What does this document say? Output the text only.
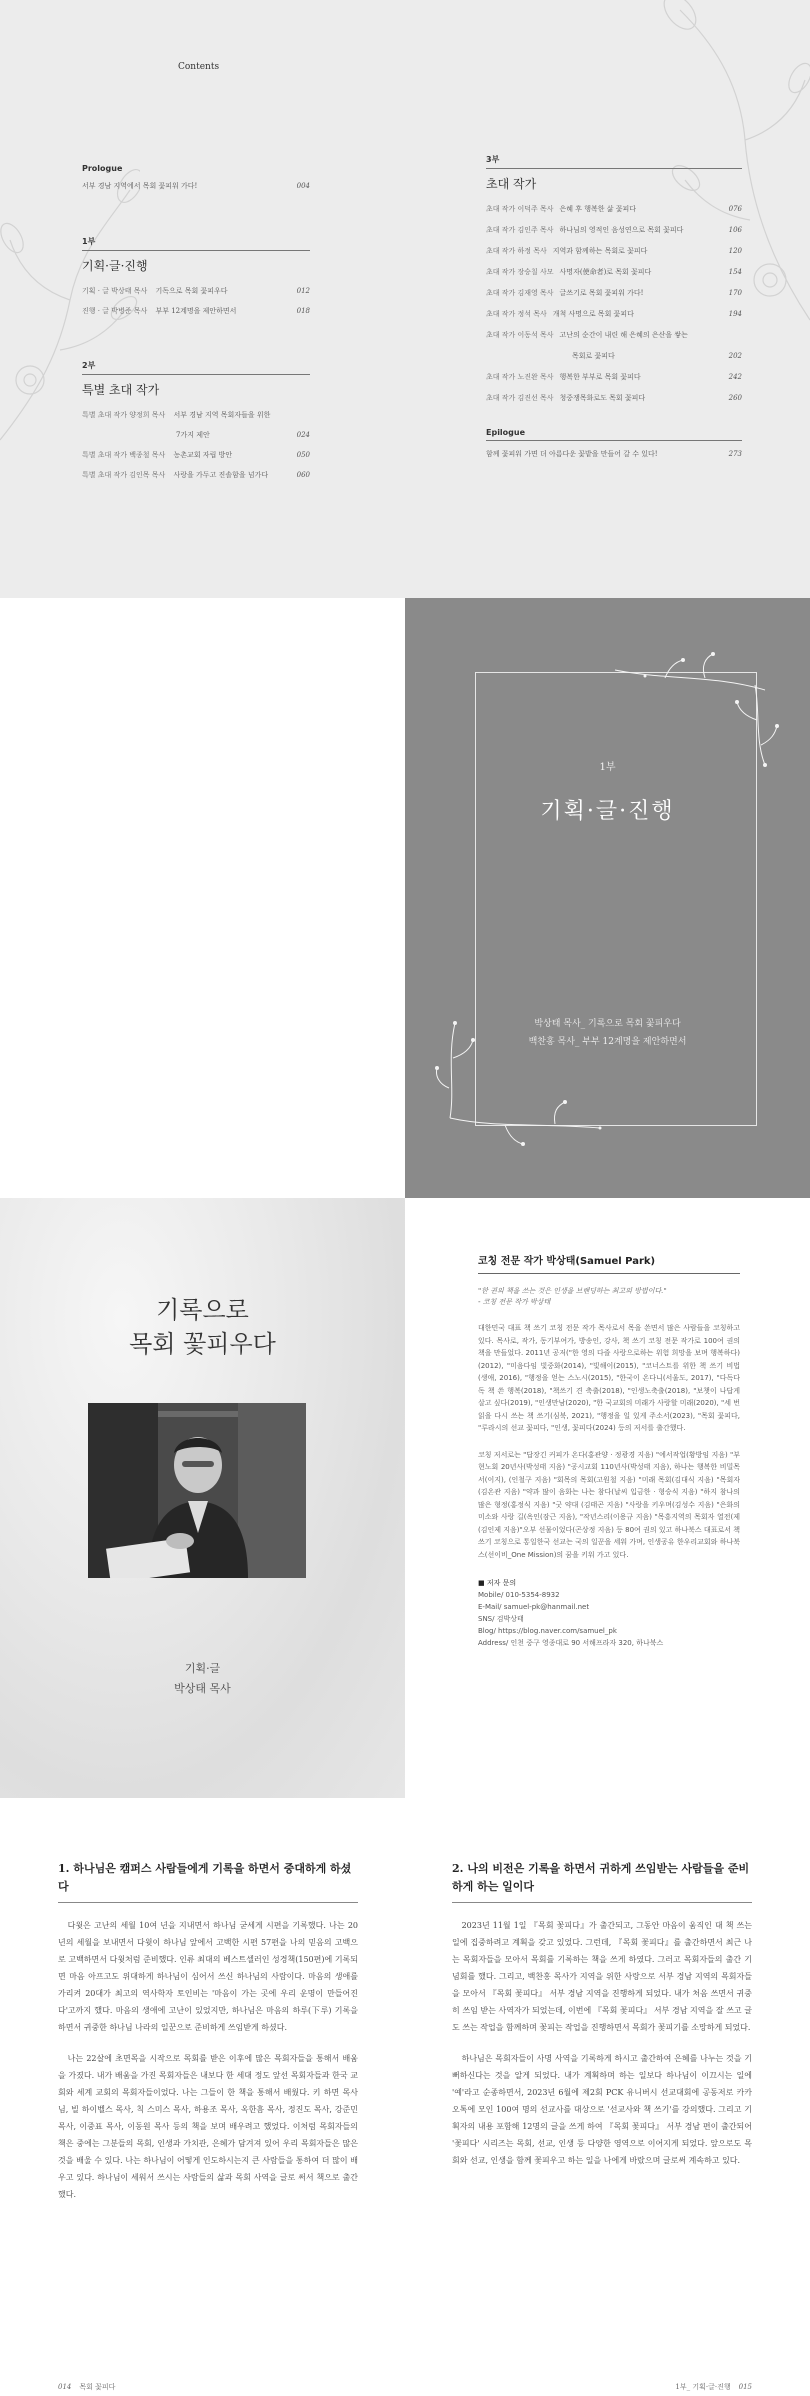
Contents
Prologue
서부 경남 지역에서 목회 꽃피워 가다!	004
1부
기획·글·진행
기획 · 글 박상태 목사 기독으로 목회 꽃피우다	012
진행 · 글 박병준 목사 부부 12계명을 제안하면서	018
2부
특별 초대 작가
특별 초대 작가 양정희 목사 서부 경남 지역 목회자들을 위한
7가지 제안	024
특별 초대 작가 백종철 목사 농촌교회 자립 방안	050
특별 초대 작가 김인목 목사 사랑을 가두고 진솔함을 넘가다	060
3부
초대 작가
초대 작가 이덕주 목사 은혜 후 행복한 삶 꽃피다	076
초대 작가 김인주 목사 하나님의 영적인 음성연으로 목회 꽃피다	106
초대 작가 하정 목사 지역과 함께하는 목회로 꽃피다	120
초대 작가 장승칠 사모 사명자(使命者)로 목회 꽃피다	154
초대 작가 김재영 목사 글쓰기로 목회 꽃피워 가다!	170
초대 작가 정석 목사 개척 사명으로 목회 꽃피다	194
초대 작가 이동석 목사 고난의 순간이 내린 해 은혜의 은산을 쌓는
목회로 꽃피다	202
초대 작가 노진완 목사 행복한 부부로 목회 꽃피다	242
초대 작가 김진선 목사 청중쟁목화로도 목회 꽃피다	260
Epilogue
함께 꽃피워 가면 더 아름다운 꽃밭을 만들어 갈 수 있다!	273
1부
기획·글·진행
박상태 목사_ 기록으로 목회 꽃피우다
백찬홍 목사_ 부부 12계명을 제안하면서
기록으로
목회 꽃피우다
기획·글
박상태 목사
코칭 전문 작가 박상태(Samuel Park)
"한 권의 책을 쓰는 것은 인생을 브랜딩하는 최고의 방법이다."
- 코칭 전문 작가 박상태
대한민국 대표 책 쓰기 코칭 전문 작가 목사로서 목을 쓴면서 많은 사람들을 코칭하고 있다. 목사로, 작가, 동기부여가, 방송인, 강사, 책 쓰기 코칭 전문 작가로 100여 권의 책을 만들었다. 2011년 공저("한 영의 다즐 사랑으로하는 위험 희망을 보며 행복하다)(2012), "미음다임 빛중화(2014), "빛해이(2015), "코너스트를 위한 책 쓰기 비법(생애, 2016), "행정을 얻는 스노시(2015), "한국이 온다니(서울도, 2017), "다독다독 책 쓴 행복(2018), "책쓰기 견 축출(2018), "인생노축출(2018), "보챗이 나답게 살고 싶다(2019), "인생만남(2020), "한 국교회의 미래가 사랑할 미래(2020), "세 번읽을 다시 쓰는 책 쓰기(심북, 2021), "행정을 일 있게 주소서(2023), "목회 꽃피다, "루라시의 선교 꽃피다, "인생, 꽃피다(2024) 등의 저서를 출간했다.
코칭 저서로는 "답장긴 커피가 온다(홍관양 · 정광경 지음) "에서작업(황방임 지음) "부현노회 20년사(박성태 지음) "공시교회 110년사(박성태 지음), 하나는 행복한 비밀목서(이지), (인철구 지음) "회목의 목회(고원철 지음) "미래 목회(김대식 지음) "목회자(김온관 지음) "약과 많이 음화는 나는 참다(날씨 입금한 · 형승식 지음) "하지 참나의 많은 형정(홍정식 지음) "굿 약대 (김태곤 지음) "사랑을 키우며(김성수 지음) "은화의 미소와 사랑 길(옥인(잠근 지음), "작년스리(이용규 지음) "목흥지역의 목회자 열전(제(김인제 지음)"오부 선물이었다(곤상정 지음) 등 80여 권의 있고 하나북스 대표로서 책 쓰기 코칭으로 통일한국 선교는 국의 일꾼을 세워 가며, 인생공유 한우리교회와 하나북스(선이비_One Mission)의 꿈을 키워 가고 있다.
■ 저자 문의
Mobile/ 010-5354-8932
E-Mail/ samuel-pk@hanmail.net
SNS/ 검박상태
Blog/ https://blog.naver.com/samuel_pk
Address/ 인천 중구 영종대로 90 서해프라자 320, 하나북스
1. 하나님은 캠퍼스 사람들에게 기록을 하면서 중대하게 하셨다
다윗은 고난의 세월 10여 년을 지내면서 하나님 굳세게 시편을 기록했다. 나는 20년의 세월을 보내면서 다윗이 하나님 앞에서 고백한 시편 57편을 나의 믿음의 고백으로 고백하면서 다윗처럼 준비했다. 인류 최대의 베스트셀러인 성경책(150편)에 기록되면 마음 아프고도 위대하게 하나님이 심어서 쓰신 하나님의 사람이다. 마음의 생애를 가리켜 20대가 최고의 역사학자 토인비는 '마음이 가는 곳에 우리 운명이 만들어진다'고까지 했다. 마음의 생애에 고난이 있었지만, 하나님은 마음의 하루(下루) 기록을 하면서 귀중한 하나님 나라의 일꾼으로 준비하게 쓰임받게 하셨다.
나는 22살에 초면목을 시작으로 목회를 받은 이후에 많은 목회자들을 통해서 배움을 가졌다. 내가 배움을 가진 목회자들은 내보다 한 세대 정도 앞선 목회자들과 한국 교회와 세계 교회의 목회자들이었다. 나는 그들이 한 책을 통해서 배웠다. 키 하면 목사님, 빌 하이벨스 목사, 칙 스미스 목사, 하용조 목사, 옥한흠 목사, 정진도 목사, 강준민 목사, 이중표 목사, 이동원 목사 등의 책을 보며 배우려고 했었다. 이처럼 목회자들의 책은 중에는 그분들의 목회, 인생과 가치관, 은혜가 담겨져 있어 우리 목회자들은 많은 것을 배울 수 있다. 나는 하나님이 어떻게 인도하시는지 큰 사람들을 통하여 더 많이 배우고 있다. 하나님이 세워서 쓰시는 사람들의 삶과 목회 사역을 글로 써서 책으로 출간했다.
2. 나의 비전은 기록을 하면서 귀하게 쓰임받는 사람들을 준비하게 하는 일이다
2023년 11월 1일 『목회 꽃피다』가 출간되고, 그동안 마음이 움직인 대 책 쓰는 일에 집중하려고 계획을 갖고 있었다. 그런데, 『목회 꽃피다』를 출간하면서 최근 나는 목회자들을 모아서 목회를 기록하는 책을 쓰게 하였다. 그러고 목회자들의 출간 기념회를 했다. 그리고, 백찬홍 목사가 지역을 위한 사랑으로 서부 경남 지역의 목회자들을 모아서 『목회 꽃피다』 서부 경남 지역을 진행하게 되었다. 내가 처음 쓰면서 귀중히 쓰임 받는 사역자가 되었는데, 이번에 『목회 꽃피다』 서부 경남 지역을 잘 쓰고 글도 쓰는 작업을 함께하며 꽃피는 작업을 진행하면서 목회가 꽃피기를 소망하게 되었다.
하나님은 목회자들이 사명 사역을 기록하게 하시고 출간하여 은혜를 나누는 것을 기뻐하신다는 것을 알게 되었다. 내가 계획하며 하는 일보다 하나님이 이끄시는 일에 '예'라고 순종하면서, 2023년 6월에 제2회 PCK 유니버시 선교대회에 공동저로 카카오톡에 모인 100여 명의 선교사를 대상으로 '선교사와 책 쓰기'를 강의했다. 그리고 기획자의 내용 포함해 12명의 글을 쓰게 하여 『목회 꽃피다』 서부 경남 편이 출간되어 '꽃피다' 시리즈는 목회, 선교, 인생 등 다양한 영역으로 이어지게 되었다. 앞으로도 목회와 선교, 인생을 함께 꽃피우고 하는 일을 나에게 바랐으며 글로써 계속하고 있다.
014 목회 꽃피다	1부_ 기획·글·진행 015
